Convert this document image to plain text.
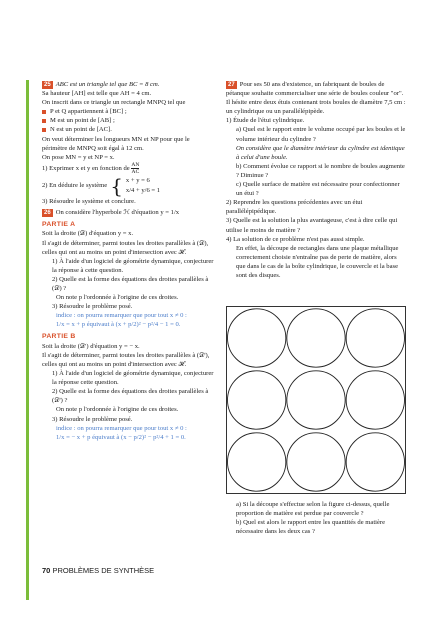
25 ABC est un triangle tel que BC = 8 cm.
Sa hauteur [AH] est telle que AH = 4 cm.
On inscrit dans ce triangle un rectangle MNPQ tel que
P et Q appartiennent à [BC] ;
M est un point de [AB] ;
N est un point de [AC].
On veut déterminer les longueurs MN et NP pour que le périmètre de MNPQ soit égal à 12 cm.
On pose MN = y et NP = x.
1) Exprimer x et y en fonction de $\frac{AN}{AC}$
2) En déduire le système { x + y = 6
x/4 + y/6 = 1
3) Résoudre le système et conclure.
26 On considère l'hyperbole ℋ d'équation y = 1/x
PARTIE A
Soit la droite (𝒟) d'équation y = x.
Il s'agit de déterminer, parmi toutes les droites parallèles à (𝒟), celles qui ont au moins un point d'intersection avec ℋ.
1) À l'aide d'un logiciel de géométrie dynamique, conjecturer la réponse à cette question.
2) Quelle est la forme des équations des droites parallèles à (𝒟) ?
On note p l'ordonnée à l'origine de ces droites.
3) Résoudre le problème posé.
indice : on pourra remarquer que pour tout x ≠ 0 :
1/x = x + p équivaut à (x + p/2)² − p²/4 − 1 = 0.
PARTIE B
Soit la droite (𝒟') d'équation y = − x.
Il s'agit de déterminer, parmi toutes les droites parallèles à (𝒟'), celles qui ont au moins un point d'intersection avec ℋ.
1) À l'aide d'un logiciel de géométrie dynamique, conjecturer la réponse cette question.
2) Quelle est la forme des équations des droites parallèles à (𝒟') ?
On note p l'ordonnée à l'origine de ces droites.
3) Résoudre le problème posé.
indice : on pourra remarquer que pour tout x ≠ 0 :
1/x = − x + p équivaut à (x − p/2)² − p²/4 + 1 = 0.
27 Pour ses 50 ans d'existence, un fabriquant de boules de pétanque souhaite commercialiser une série de boules couleur "or". Il hésite entre deux étuis contenant trois boules de diamètre 7,5 cm : un cylindrique ou un parallélépipède.
1) Étude de l'étui cylindrique.
a) Quel est le rapport entre le volume occupé par les boules et le volume intérieur du cylindre ?
On considère que le diamètre intérieur du cylindre est identique à celui d'une boule.
b) Comment évolue ce rapport si le nombre de boules augmente ? Diminue ?
c) Quelle surface de matière est nécessaire pour confectionner un étui ?
2) Reprendre les questions précédentes avec un étui parallélépipédique.
3) Quelle est la solution la plus avantageuse, c'est à dire celle qui utilise le moins de matière ?
4) La solution de ce problème n'est pas aussi simple.
En effet, la découpe de rectangles dans une plaque métallique correctement choisie n'entraîne pas de perte de matière, alors que dans le cas de la boîte cylindrique, le couvercle et la base sont des disques.
a) Si la découpe s'effectue selon la figure ci-dessus, quelle proportion de matière est perdue par couvercle ?
b) Quel est alors le rapport entre les quantités de matière nécessaire dans les deux cas ?
70 PROBLÈMES DE SYNTHÈSE
